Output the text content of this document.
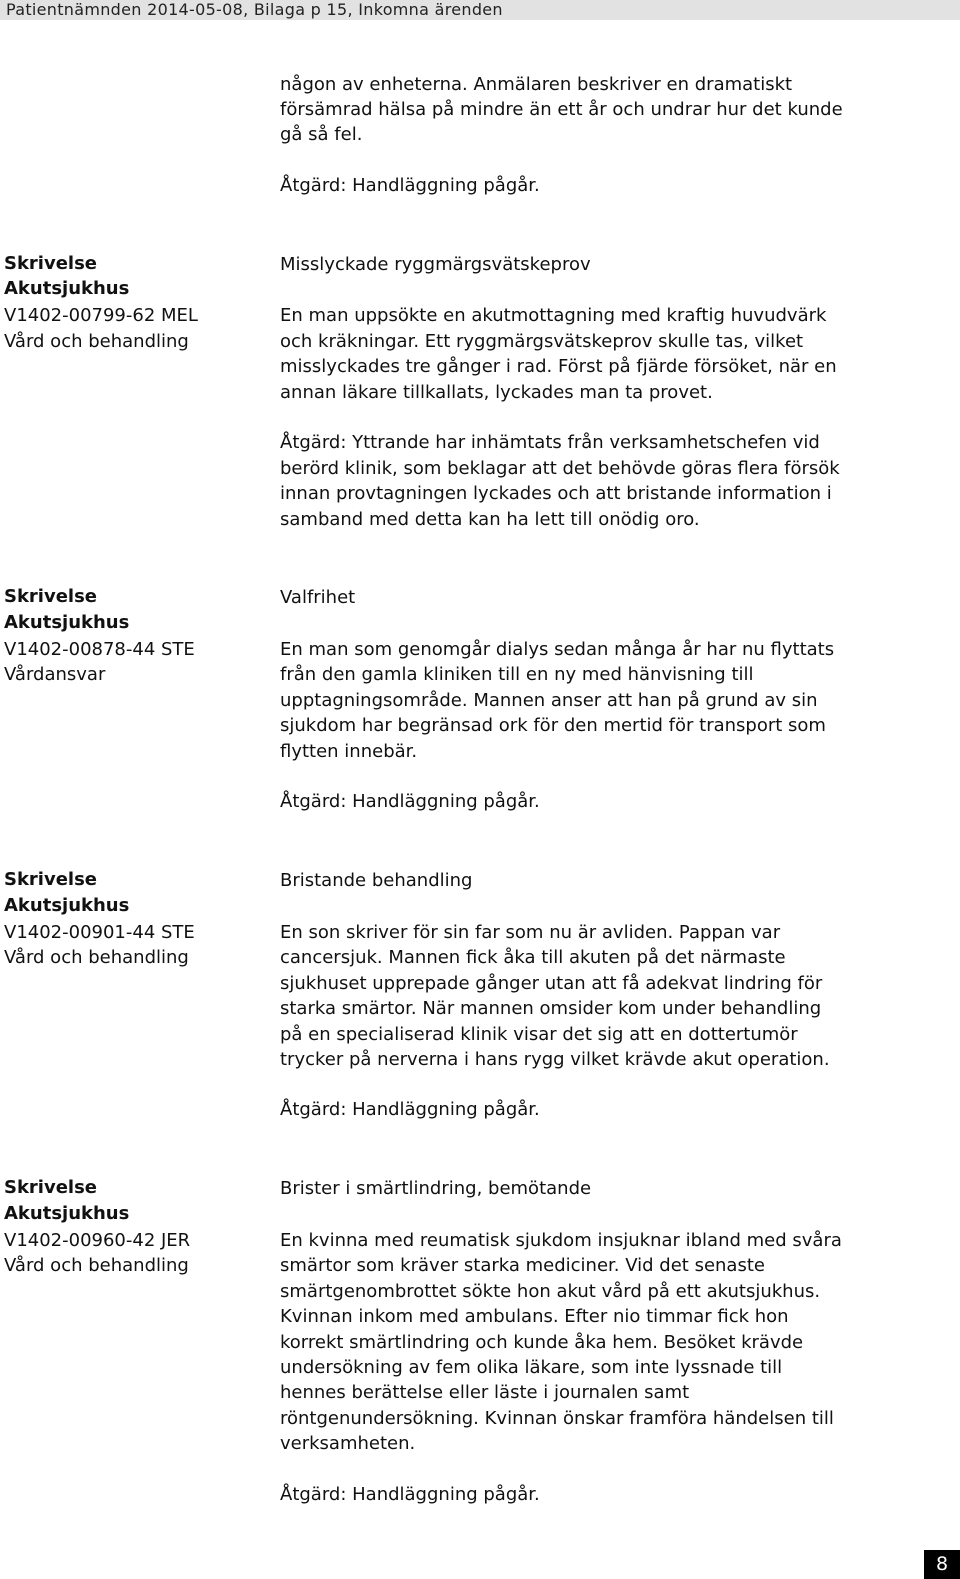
Patientnämnden 2014-05-08, Bilaga p 15, Inkomna ärenden
någon av enheterna. Anmälaren beskriver en dramatiskt
försämrad hälsa på mindre än ett år och undrar hur det kunde
gå så fel.
Åtgärd: Handläggning pågår.
Skrivelse
Akutsjukhus
V1402-00799-62 MEL
Vård och behandling
Misslyckade ryggmärgsvätskeprov
En man uppsökte en akutmottagning med kraftig huvudvärk
och kräkningar. Ett ryggmärgsvätskeprov skulle tas, vilket
misslyckades tre gånger i rad. Först på fjärde försöket, när en
annan läkare tillkallats, lyckades man ta provet.
Åtgärd: Yttrande har inhämtats från verksamhetschefen vid
berörd klinik, som beklagar att det behövde göras flera försök
innan provtagningen lyckades och att bristande information i
samband med detta kan ha lett till onödig oro.
Skrivelse
Akutsjukhus
V1402-00878-44 STE
Vårdansvar
Valfrihet
En man som genomgår dialys sedan många år har nu flyttats
från den gamla kliniken till en ny med hänvisning till
upptagningsområde. Mannen anser att han på grund av sin
sjukdom har begränsad ork för den mertid för transport som
flytten innebär.
Åtgärd: Handläggning pågår.
Skrivelse
Akutsjukhus
V1402-00901-44 STE
Vård och behandling
Bristande behandling
En son skriver för sin far som nu är avliden. Pappan var
cancersjuk. Mannen fick åka till akuten på det närmaste
sjukhuset upprepade gånger utan att få adekvat lindring för
starka smärtor. När mannen omsider kom under behandling
på en specialiserad klinik visar det sig att en dottertumör
trycker på nerverna i hans rygg vilket krävde akut operation.
Åtgärd: Handläggning pågår.
Skrivelse
Akutsjukhus
V1402-00960-42 JER
Vård och behandling
Brister i smärtlindring, bemötande
En kvinna med reumatisk sjukdom insjuknar ibland med svåra
smärtor som kräver starka mediciner. Vid det senaste
smärtgenombrottet sökte hon akut vård på ett akutsjukhus.
Kvinnan inkom med ambulans. Efter nio timmar fick hon
korrekt smärtlindring och kunde åka hem. Besöket krävde
undersökning av fem olika läkare, som inte lyssnade till
hennes berättelse eller läste i journalen samt
röntgenundersökning. Kvinnan önskar framföra händelsen till
verksamheten.
Åtgärd: Handläggning pågår.
8
